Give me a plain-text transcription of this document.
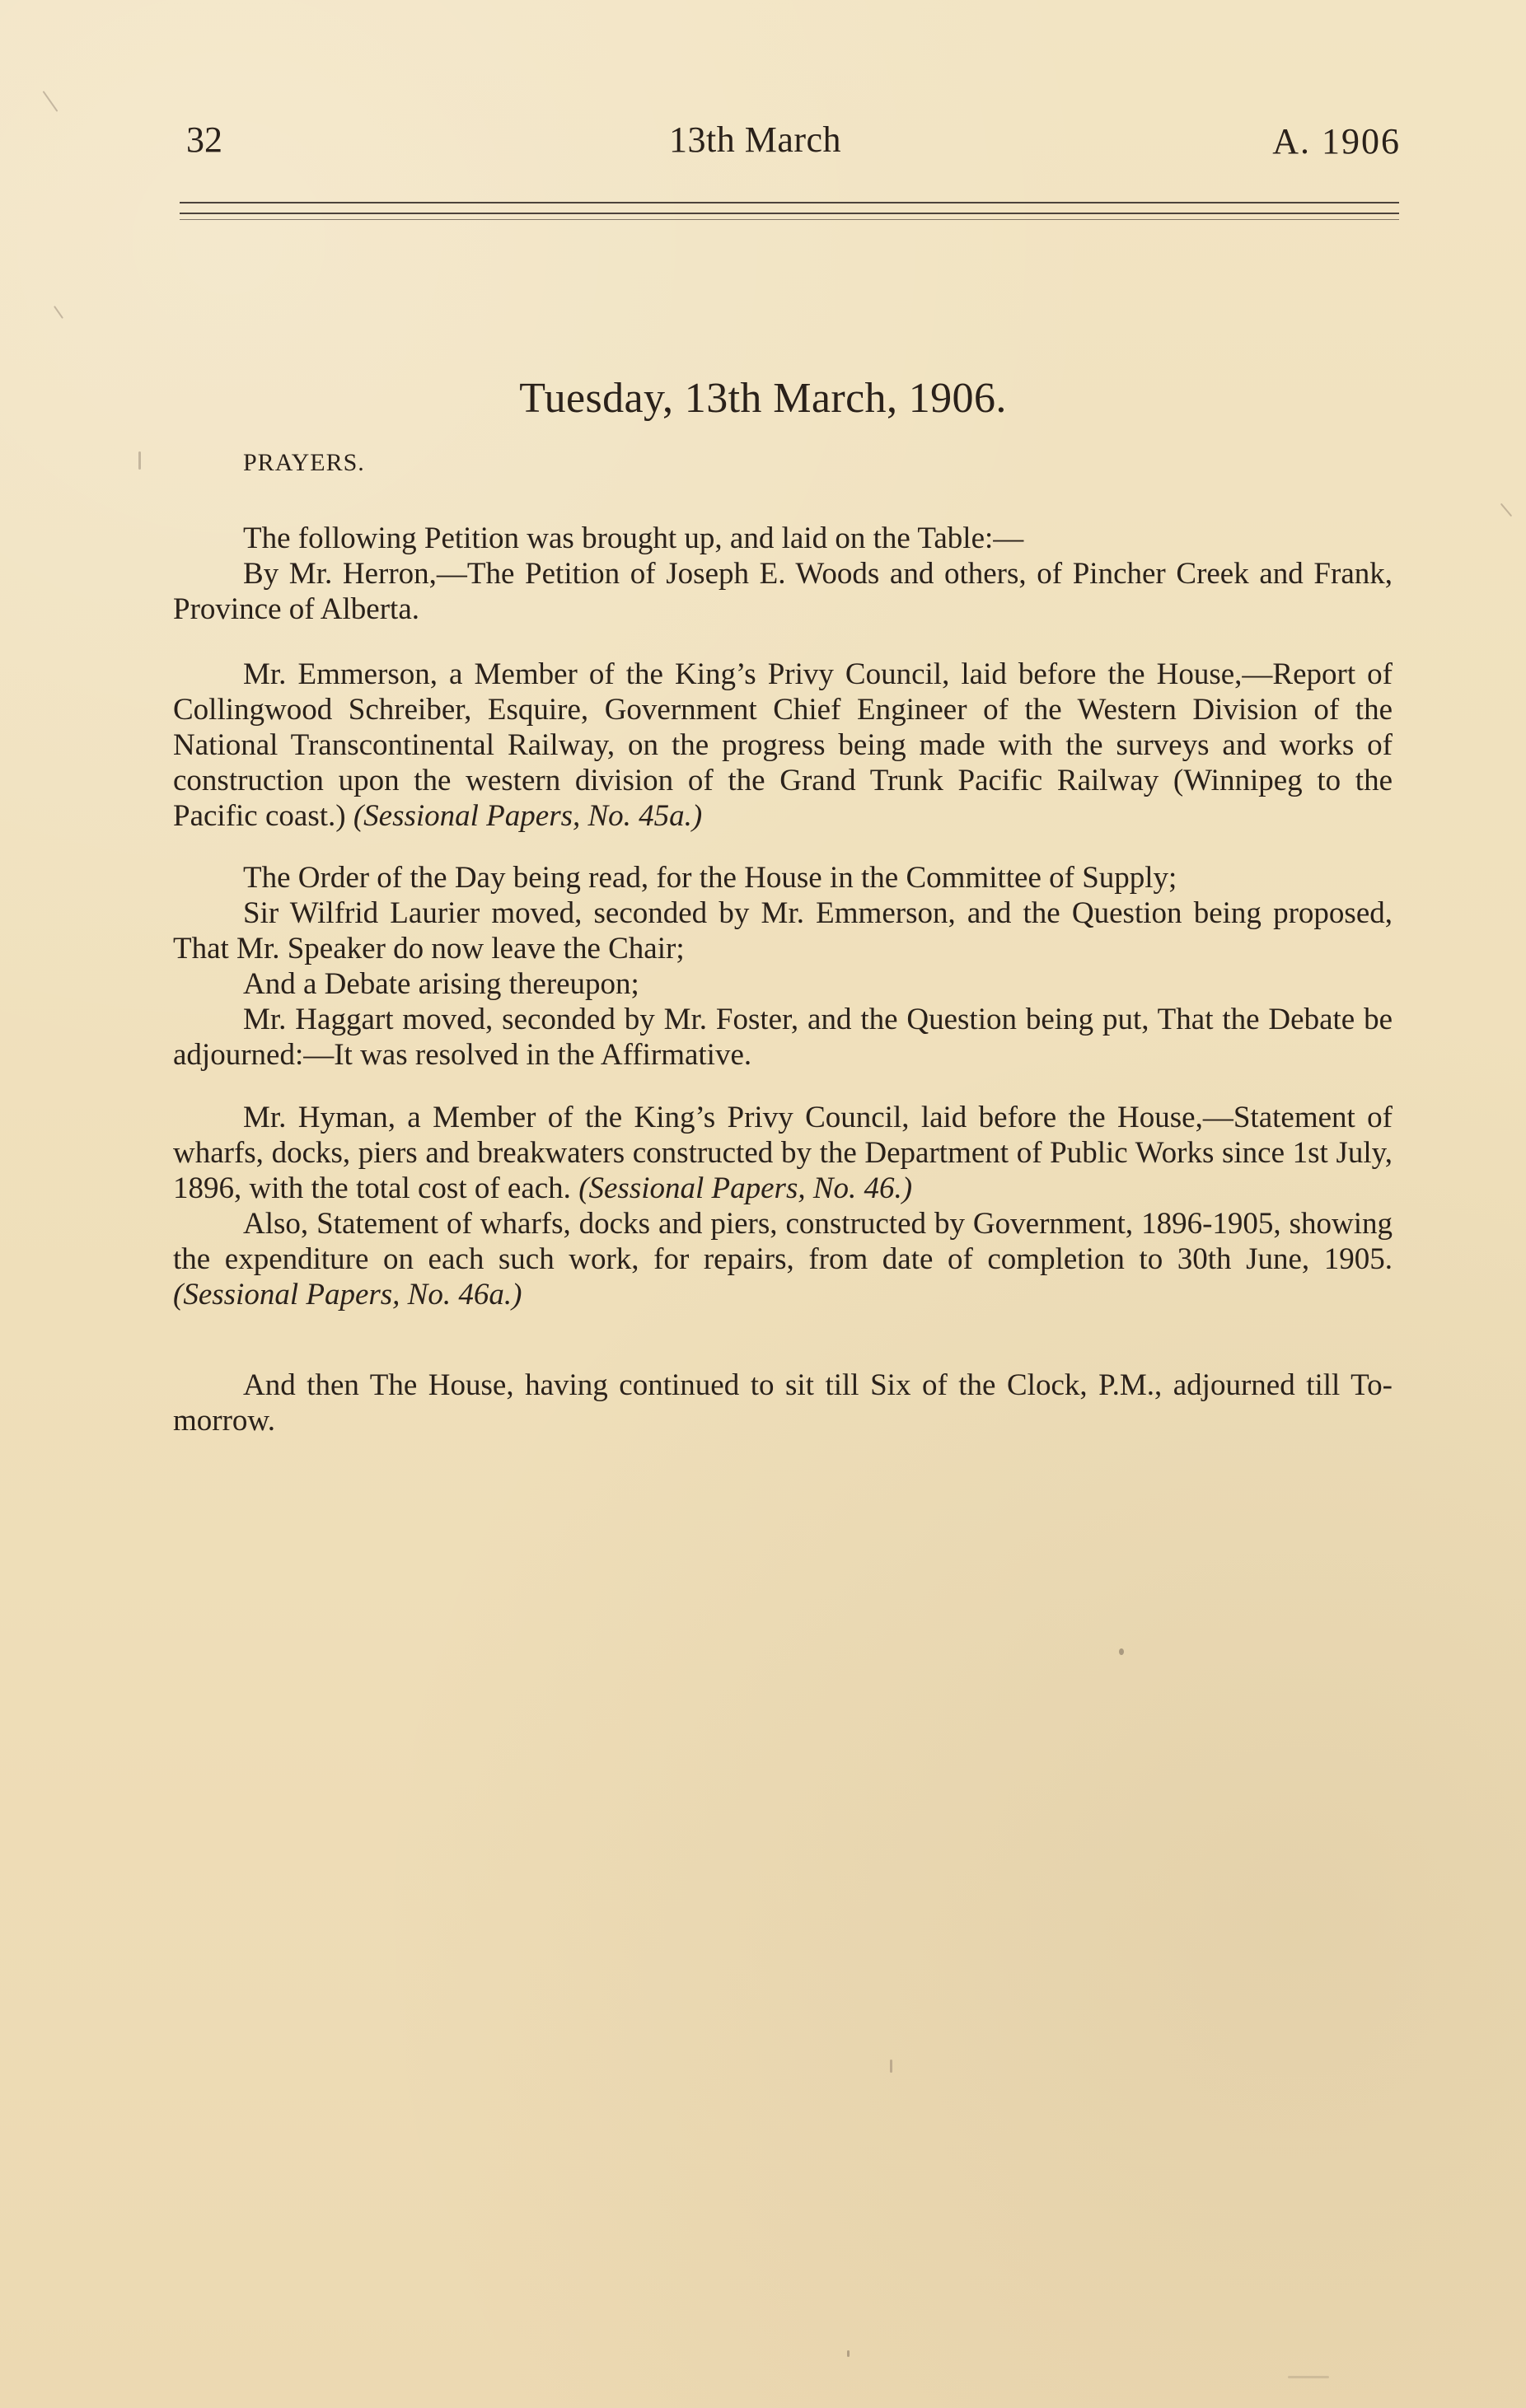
32	13th March	A. 1906
Tuesday, 13th March, 1906.
PRAYERS.

The following Petition was brought up, and laid on the Table:—

By Mr. Herron,—The Petition of Joseph E. Woods and others, of Pincher Creek and Frank, Province of Alberta.

Mr. Emmerson, a Member of the King’s Privy Council, laid before the House,—Report of Collingwood Schreiber, Esquire, Government Chief Engineer of the Western Division of the National Transcontinental Railway, on the progress being made with the surveys and works of construction upon the western division of the Grand Trunk Pacific Railway (Winnipeg to the Pacific coast.) (Sessional Papers, No. 45a.)

The Order of the Day being read, for the House in the Committee of Supply;

Sir Wilfrid Laurier moved, seconded by Mr. Emmerson, and the Question being proposed, That Mr. Speaker do now leave the Chair;

And a Debate arising thereupon;

Mr. Haggart moved, seconded by Mr. Foster, and the Question being put, That the Debate be adjourned:—It was resolved in the Affirmative.

Mr. Hyman, a Member of the King’s Privy Council, laid before the House,—Statement of wharfs, docks, piers and breakwaters constructed by the Department of Public Works since 1st July, 1896, with the total cost of each. (Sessional Papers, No. 46.)

Also, Statement of wharfs, docks and piers, constructed by Government, 1896-1905, showing the expenditure on each such work, for repairs, from date of completion to 30th June, 1905. (Sessional Papers, No. 46a.)

And then The House, having continued to sit till Six of the Clock, P.M., adjourned till To-morrow.
